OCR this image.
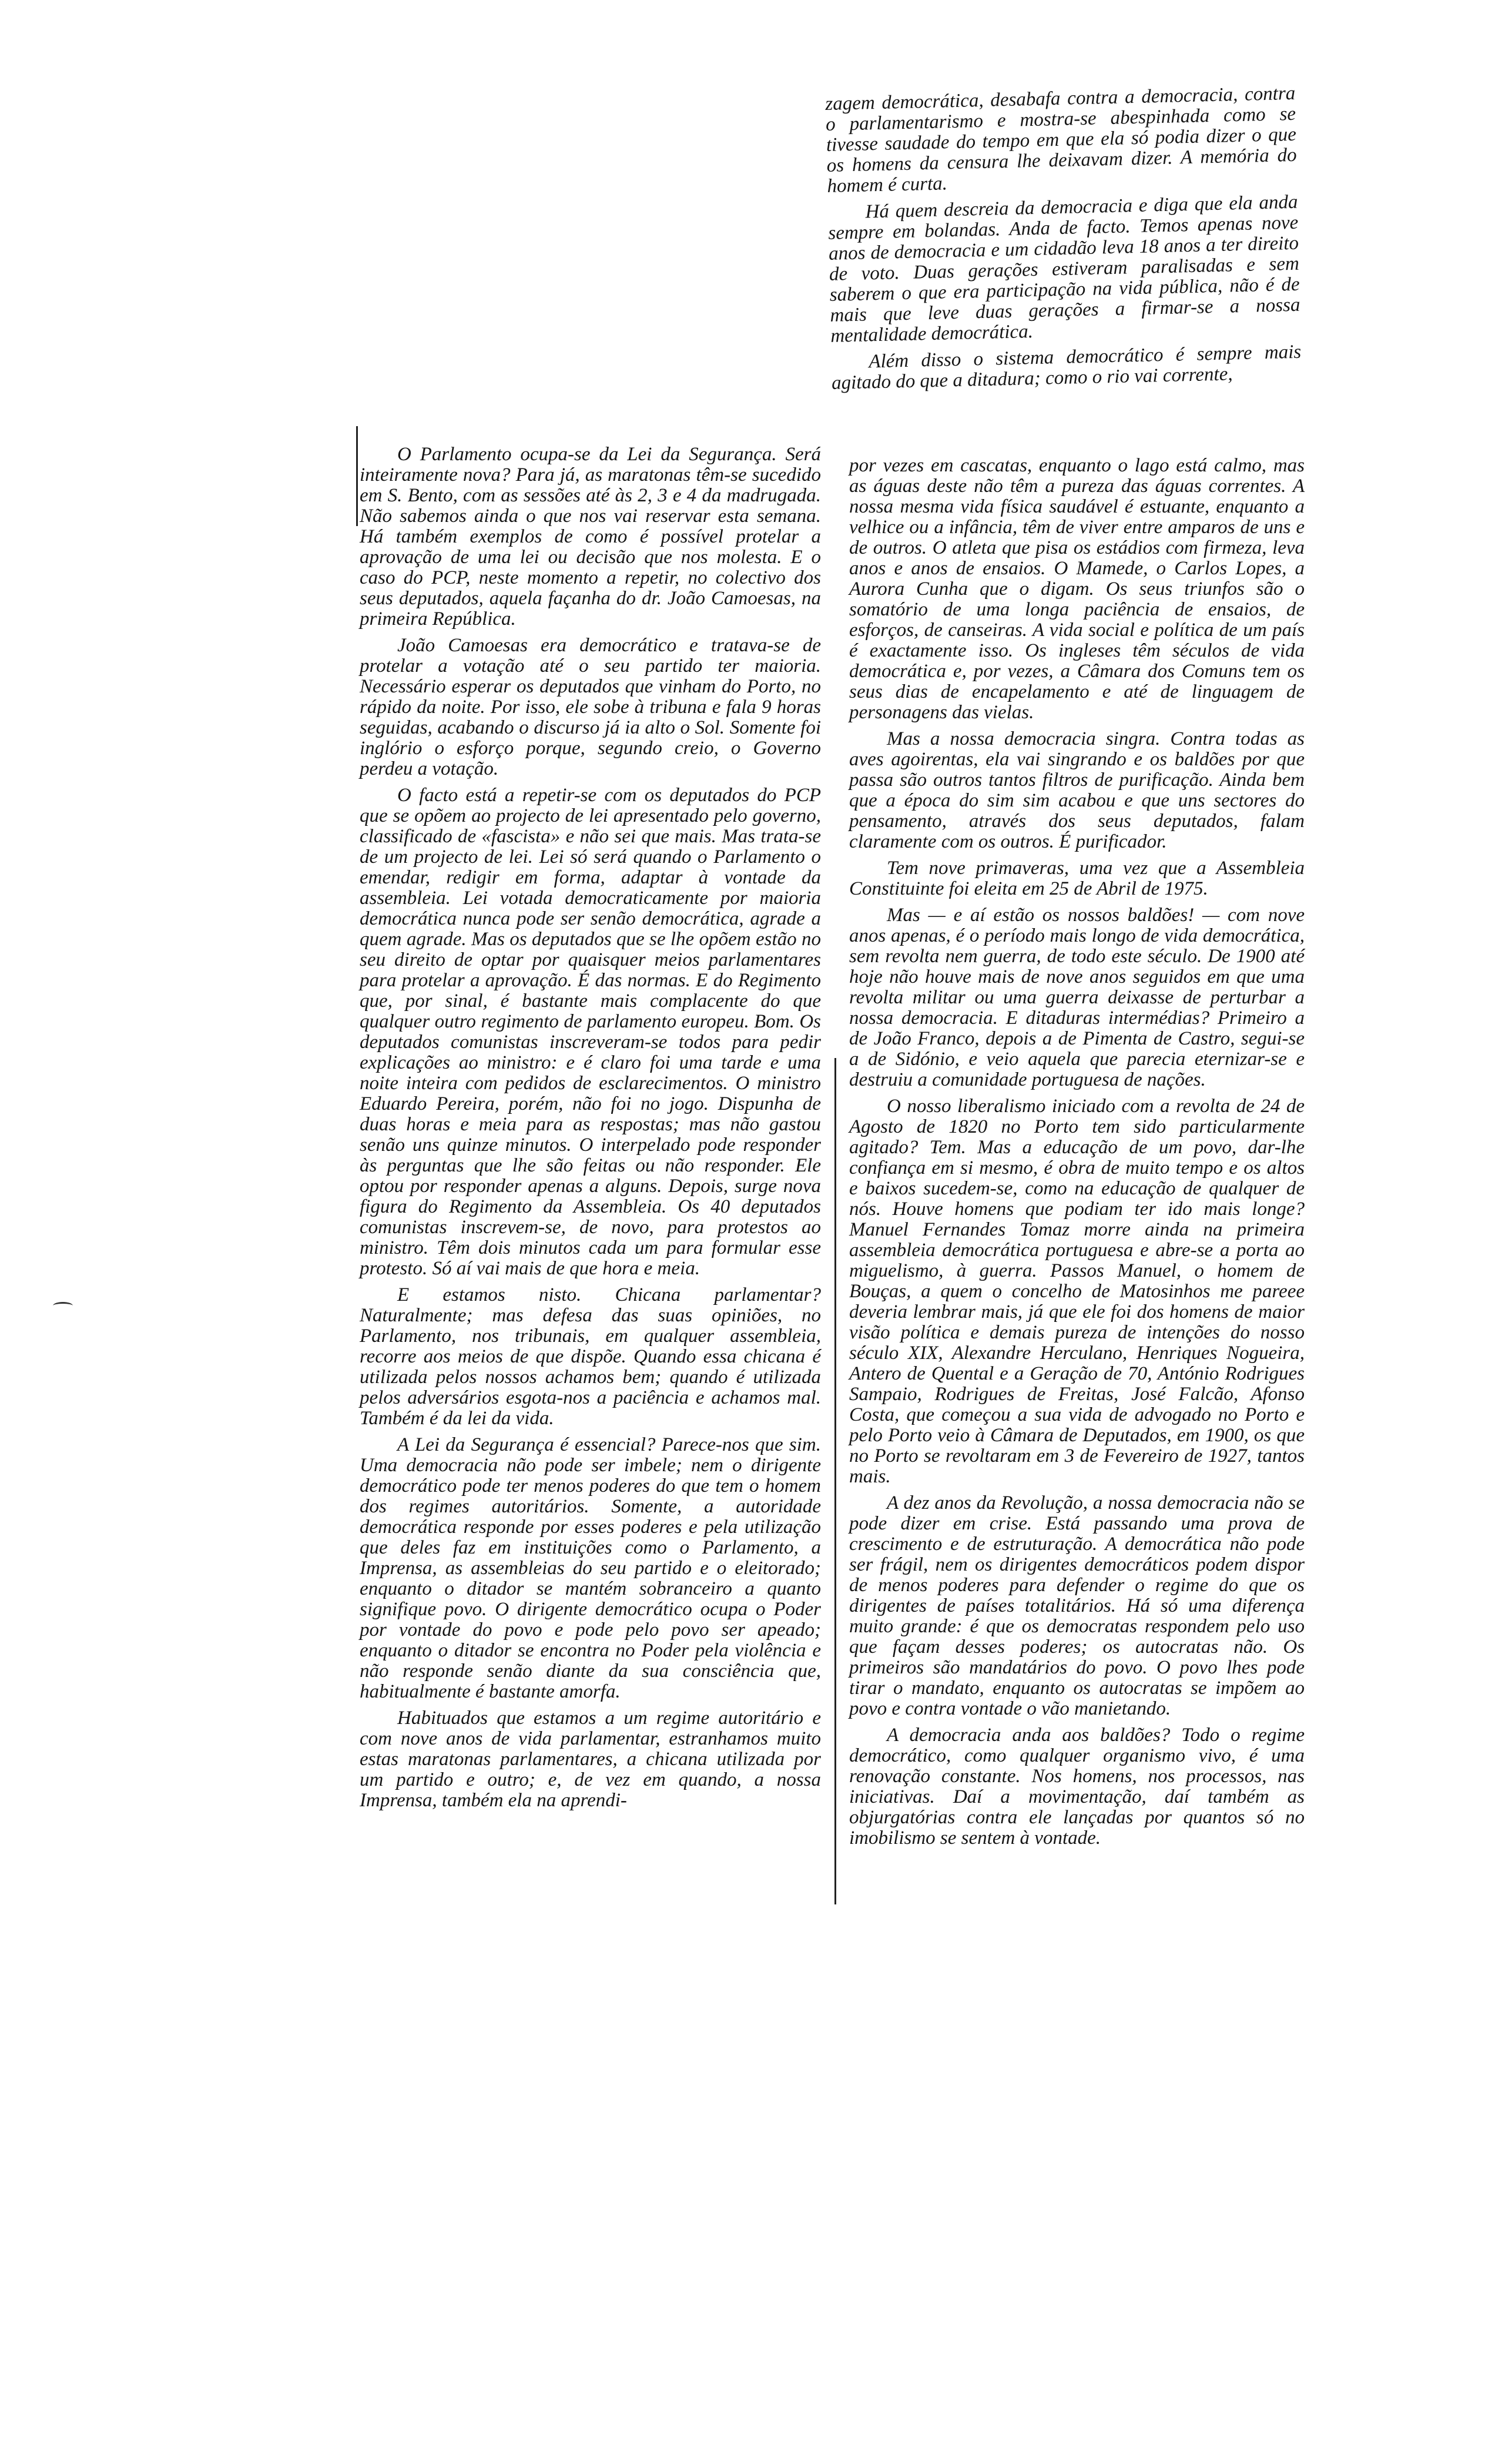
zagem democrática, desabafa contra a democracia, contra o parlamentarismo e mostra-se abespinhada como se tivesse saudade do tempo em que ela só podia dizer o que os homens da censura lhe deixavam dizer. A memória do homem é curta.

Há quem descreia da democracia e diga que ela anda sempre em bolandas. Anda de facto. Temos apenas nove anos de democracia e um cidadão leva 18 anos a ter direito de voto. Duas gerações estiveram paralisadas e sem saberem o que era participação na vida pública, não é de mais que leve duas gerações a firmar-se a nossa mentalidade democrática.

Além disso o sistema democrático é sempre mais agitado do que a ditadura; como o rio vai corrente,

O Parlamento ocupa-se da Lei da Segurança. Será inteiramente nova? Para já, as maratonas têm-se sucedido em S. Bento, com as sessões até às 2, 3 e 4 da madrugada. Não sabemos ainda o que nos vai reservar esta semana. Há também exemplos de como é possível protelar a aprovação de uma lei ou decisão que nos molesta. E o caso do PCP, neste momento a repetir, no colectivo dos seus deputados, aquela façanha do dr. João Camoesas, na primeira República.

João Camoesas era democrático e tratava-se de protelar a votação até o seu partido ter maioria. Necessário esperar os deputados que vinham do Porto, no rápido da noite. Por isso, ele sobe à tribuna e fala 9 horas seguidas, acabando o discurso já ia alto o Sol. Somente foi inglório o esforço porque, segundo creio, o Governo perdeu a votação.

O facto está a repetir-se com os deputados do PCP que se opõem ao projecto de lei apresentado pelo governo, classificado de «fascista» e não sei que mais. Mas trata-se de um projecto de lei. Lei só será quando o Parlamento o emendar, redigir em forma, adaptar à vontade da assembleia. Lei votada democraticamente por maioria democrática nunca pode ser senão democrática, agrade a quem agrade. Mas os deputados que se lhe opõem estão no seu direito de optar por quaisquer meios parlamentares para protelar a aprovação. É das normas. E do Regimento que, por sinal, é bastante mais complacente do que qualquer outro regimento de parlamento europeu. Bom. Os deputados comunistas inscreveram-se todos para pedir explicações ao ministro: e é claro foi uma tarde e uma noite inteira com pedidos de esclarecimentos. O ministro Eduardo Pereira, porém, não foi no jogo. Dispunha de duas horas e meia para as respostas; mas não gastou senão uns quinze minutos. O interpelado pode responder às perguntas que lhe são feitas ou não responder. Ele optou por responder apenas a alguns. Depois, surge nova figura do Regimento da Assembleia. Os 40 deputados comunistas inscrevem-se, de novo, para protestos ao ministro. Têm dois minutos cada um para formular esse protesto. Só aí vai mais de que hora e meia.

E estamos nisto. Chicana parlamentar? Naturalmente; mas defesa das suas opiniões, no Parlamento, nos tribunais, em qualquer assembleia, recorre aos meios de que dispõe. Quando essa chicana é utilizada pelos nossos achamos bem; quando é utilizada pelos adversários esgota-nos a paciência e achamos mal. Também é da lei da vida.

A Lei da Segurança é essencial? Parece-nos que sim. Uma democracia não pode ser imbele; nem o dirigente democrático pode ter menos poderes do que tem o homem dos regimes autoritários. Somente, a autoridade democrática responde por esses poderes e pela utilização que deles faz em instituições como o Parlamento, a Imprensa, as assembleias do seu partido e o eleitorado; enquanto o ditador se mantém sobranceiro a quanto signifique povo. O dirigente democrático ocupa o Poder por vontade do povo e pode pelo povo ser apeado; enquanto o ditador se encontra no Poder pela violência e não responde senão diante da sua consciência que, habitualmente é bastante amorfa.

Habituados que estamos a um regime autoritário e com nove anos de vida parlamentar, estranhamos muito estas maratonas parlamentares, a chicana utilizada por um partido e outro; e, de vez em quando, a nossa Imprensa, também ela na aprendi-

por vezes em cascatas, enquanto o lago está calmo, mas as águas deste não têm a pureza das águas correntes. A nossa mesma vida física saudável é estuante, enquanto a velhice ou a infância, têm de viver entre amparos de uns e de outros. O atleta que pisa os estádios com firmeza, leva anos e anos de ensaios. O Mamede, o Carlos Lopes, a Aurora Cunha que o digam. Os seus triunfos são o somatório de uma longa paciência de ensaios, de esforços, de canseiras. A vida social e política de um país é exactamente isso. Os ingleses têm séculos de vida democrática e, por vezes, a Câmara dos Comuns tem os seus dias de encapelamento e até de linguagem de personagens das vielas.

Mas a nossa democracia singra. Contra todas as aves agoirentas, ela vai singrando e os baldões por que passa são outros tantos filtros de purificação. Ainda bem que a época do sim sim acabou e que uns sectores do pensamento, através dos seus deputados, falam claramente com os outros. É purificador.

Tem nove primaveras, uma vez que a Assembleia Constituinte foi eleita em 25 de Abril de 1975.

Mas — e aí estão os nossos baldões! — com nove anos apenas, é o período mais longo de vida democrática, sem revolta nem guerra, de todo este século. De 1900 até hoje não houve mais de nove anos seguidos em que uma revolta militar ou uma guerra deixasse de perturbar a nossa democracia. E ditaduras intermédias? Primeiro a de João Franco, depois a de Pimenta de Castro, segui-se a de Sidónio, e veio aquela que parecia eternizar-se e destruiu a comunidade portuguesa de nações.

O nosso liberalismo iniciado com a revolta de 24 de Agosto de 1820 no Porto tem sido particularmente agitado? Tem. Mas a educação de um povo, dar-lhe confiança em si mesmo, é obra de muito tempo e os altos e baixos sucedem-se, como na educação de qualquer de nós. Houve homens que podiam ter ido mais longe? Manuel Fernandes Tomaz morre ainda na primeira assembleia democrática portuguesa e abre-se a porta ao miguelismo, à guerra. Passos Manuel, o homem de Bouças, a quem o concelho de Matosinhos me pareee deveria lembrar mais, já que ele foi dos homens de maior visão política e demais pureza de intenções do nosso século XIX, Alexandre Herculano, Henriques Nogueira, Antero de Quental e a Geração de 70, António Rodrigues Sampaio, Rodrigues de Freitas, José Falcão, Afonso Costa, que começou a sua vida de advogado no Porto e pelo Porto veio à Câmara de Deputados, em 1900, os que no Porto se revoltaram em 3 de Fevereiro de 1927, tantos mais.

A dez anos da Revolução, a nossa democracia não se pode dizer em crise. Está passando uma prova de crescimento e de estruturação. A democrática não pode ser frágil, nem os dirigentes democráticos podem dispor de menos poderes para defender o regime do que os dirigentes de países totalitários. Há só uma diferença muito grande: é que os democratas respondem pelo uso que façam desses poderes; os autocratas não. Os primeiros são mandatários do povo. O povo lhes pode tirar o mandato, enquanto os autocratas se impõem ao povo e contra vontade o vão manietando.

A democracia anda aos baldões? Todo o regime democrático, como qualquer organismo vivo, é uma renovação constante. Nos homens, nos processos, nas iniciativas. Daí a movimentação, daí também as objurgatórias contra ele lançadas por quantos só no imobilismo se sentem à vontade.
